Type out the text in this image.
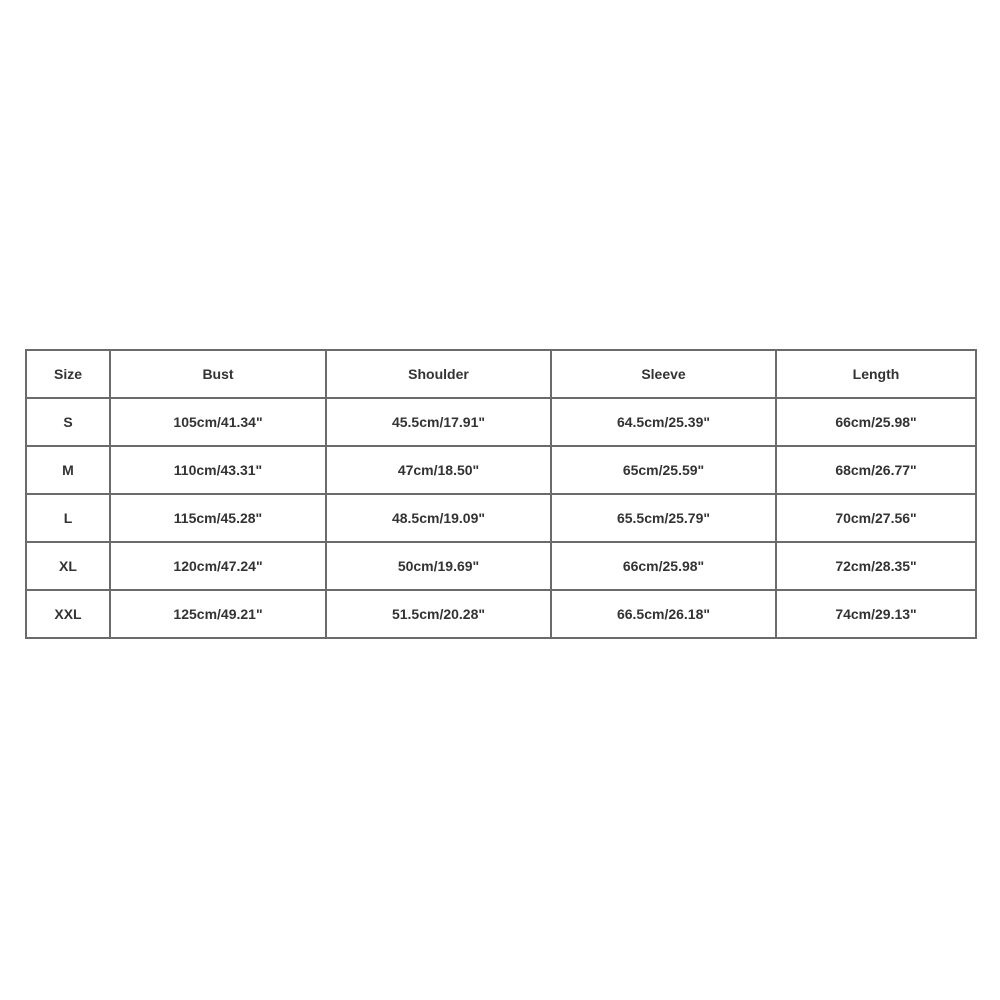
Size	Bust	Shoulder	Sleeve	Length
S	105cm/41.34"	45.5cm/17.91"	64.5cm/25.39"	66cm/25.98"
M	110cm/43.31"	47cm/18.50"	65cm/25.59"	68cm/26.77"
L	115cm/45.28"	48.5cm/19.09"	65.5cm/25.79"	70cm/27.56"
XL	120cm/47.24"	50cm/19.69"	66cm/25.98"	72cm/28.35"
XXL	125cm/49.21"	51.5cm/20.28"	66.5cm/26.18"	74cm/29.13"
